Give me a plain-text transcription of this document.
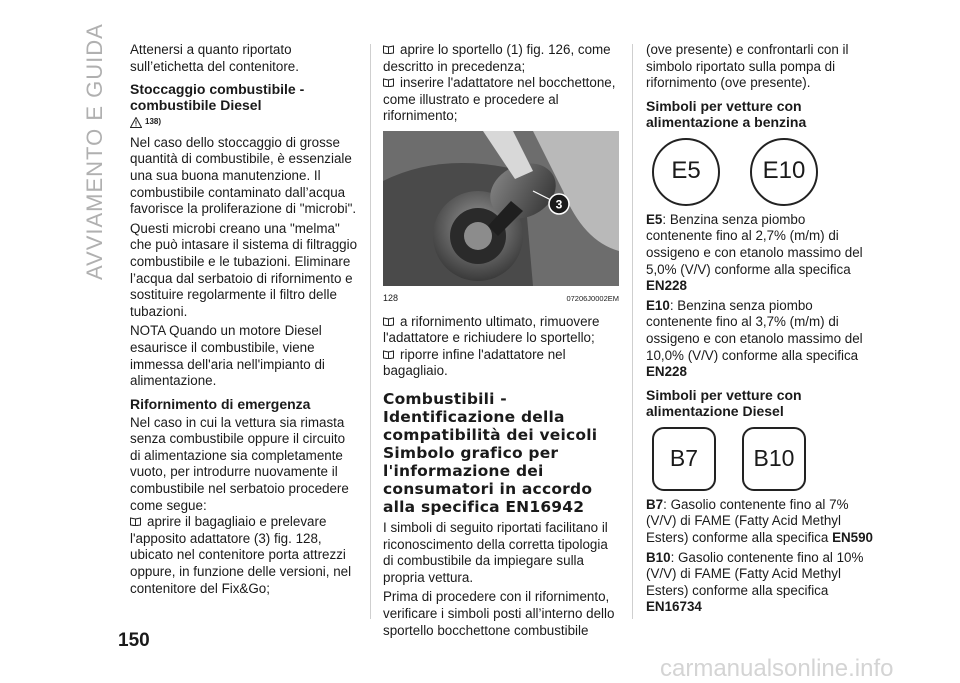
AVVIAMENTO E GUIDA Attenersi a quanto riportato sull’etichetta del contenitore.

Stoccaggio combustibile - combustibile Diesel
138)

Nel caso dello stoccaggio di grosse quantità di combustibile, è essenziale una sua buona manutenzione. Il combustibile contaminato dall’acqua favorisce la proliferazione di "microbi".

Questi microbi creano una "melma" che può intasare il sistema di filtraggio combustibile e le tubazioni. Eliminare l’acqua dal serbatoio di rifornimento e sostituire regolarmente il filtro delle tubazioni.

NOTA Quando un motore Diesel esaurisce il combustibile, viene immessa dell'aria nell'impianto di alimentazione.

Rifornimento di emergenza

Nel caso in cui la vettura sia rimasta senza combustibile oppure il circuito di alimentazione sia completamente vuoto, per introdurre nuovamente il combustibile nel serbatoio procedere come segue:

aprire il bagagliaio e prelevare l'apposito adattatore (3) fig. 128, ubicato nel contenitore porta attrezzi oppure, in funzione delle versioni, nel contenitore del Fix&Go;

aprire lo sportello (1) fig. 126, come descritto in precedenza;

inserire l'adattatore nel bocchettone, come illustrato e procedere al rifornimento;

3
128	07206J0002EM

a rifornimento ultimato, rimuovere l'adattatore e richiudere lo sportello;

riporre infine l'adattatore nel bagagliaio.

Combustibili - Identificazione della compatibilità dei veicoli Simbolo grafico per l'informazione dei consumatori in accordo alla specifica EN16942

I simboli di seguito riportati facilitano il riconoscimento della corretta tipologia di combustibile da impiegare sulla propria vettura.

Prima di procedere con il rifornimento, verificare i simboli posti all’interno dello sportello bocchettone combustibile

(ove presente) e confrontarli con il simbolo riportato sulla pompa di rifornimento (ove presente).

Simboli per vetture con alimentazione a benzina
E5	E10

E5: Benzina senza piombo contenente fino al 2,7% (m/m) di ossigeno e con etanolo massimo del 5,0% (V/V) conforme alla specifica EN228

E10: Benzina senza piombo contenente fino al 3,7% (m/m) di ossigeno e con etanolo massimo del 10,0% (V/V) conforme alla specifica EN228

Simboli per vetture con alimentazione Diesel
B7	B10

B7: Gasolio contenente fino al 7% (V/V) di FAME (Fatty Acid Methyl Esters) conforme alla specifica EN590

B10: Gasolio contenente fino al 10% (V/V) di FAME (Fatty Acid Methyl Esters) conforme alla specifica EN16734

150
carmanualsonline.info
